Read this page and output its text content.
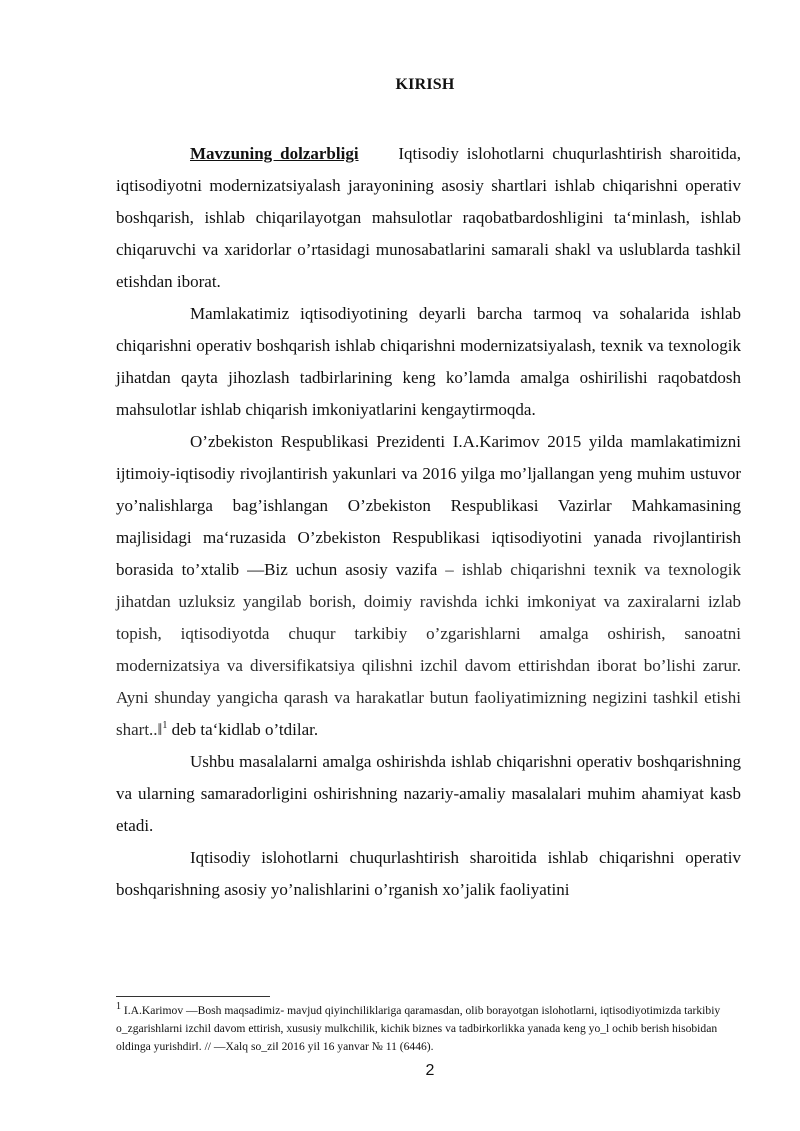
KIRISH

Mavzuning dolzarbligi Iqtisodiy islohotlarni chuqurlashtirish sharoitida, iqtisodiyotni modernizatsiyalash jarayonining asosiy shartlari ishlab chiqarishni operativ boshqarish, ishlab chiqarilayotgan mahsulotlar raqobatbardoshligini ta‘minlash, ishlab chiqaruvchi va xaridorlar o’rtasidagi munosabatlarini samarali shakl va uslublarda tashkil etishdan iborat.

Mamlakatimiz iqtisodiyotining deyarli barcha tarmoq va sohalarida ishlab chiqarishni operativ boshqarish ishlab chiqarishni modernizatsiyalash, texnik va texnologik jihatdan qayta jihozlash tadbirlarining keng ko’lamda amalga oshirilishi raqobatdosh mahsulotlar ishlab chiqarish imkoniyatlarini kengaytirmoqda.

O’zbekiston Respublikasi Prezidenti I.A.Karimov 2015 yilda mamlakatimizni ijtimoiy-iqtisodiy rivojlantirish yakunlari va 2016 yilga mo’ljallangan yeng muhim ustuvor yo’nalishlarga bag’ishlangan O’zbekiston Respublikasi Vazirlar Mahkamasining majlisidagi ma‘ruzasida O’zbekiston Respublikasi iqtisodiyotini yanada rivojlantirish borasida to’xtalib ―Biz uchun asosiy vazifa – ishlab chiqarishni texnik va texnologik jihatdan uzluksiz yangilab borish, doimiy ravishda ichki imkoniyat va zaxiralarni izlab topish, iqtisodiyotda chuqur tarkibiy o’zgarishlarni amalga oshirish, sanoatni modernizatsiya va diversifikatsiya qilishni izchil davom ettirishdan iborat bo’lishi zarur. Ayni shunday yangicha qarash va harakatlar butun faoliyatimizning negizini tashkil etishi shart..‖$^1$ deb ta‘kidlab o’tdilar.

Ushbu masalalarni amalga oshirishda ishlab chiqarishni operativ boshqarishning va ularning samaradorligini oshirishning nazariy-amaliy masalalari muhim ahamiyat kasb etadi.

Iqtisodiy islohotlarni chuqurlashtirish sharoitida ishlab chiqarishni operativ boshqarishning asosiy yo’nalishlarini o’rganish xo’jalik faoliyatini

1 I.A.Karimov ―Bosh maqsadimiz- mavjud qiyinchiliklariga qaramasdan, olib borayotgan islohotlarni, iqtisodiyotimizda tarkibiy o_zgarishlarni izchil davom ettirish, xususiy mulkchilik, kichik biznes va tadbirkorlikka yanada keng yo_l ochib berish hisobidan oldinga yurishdir‖. // ―Xalq so_zi‖ 2016 yil 16 yanvar № 11 (6446).
2
